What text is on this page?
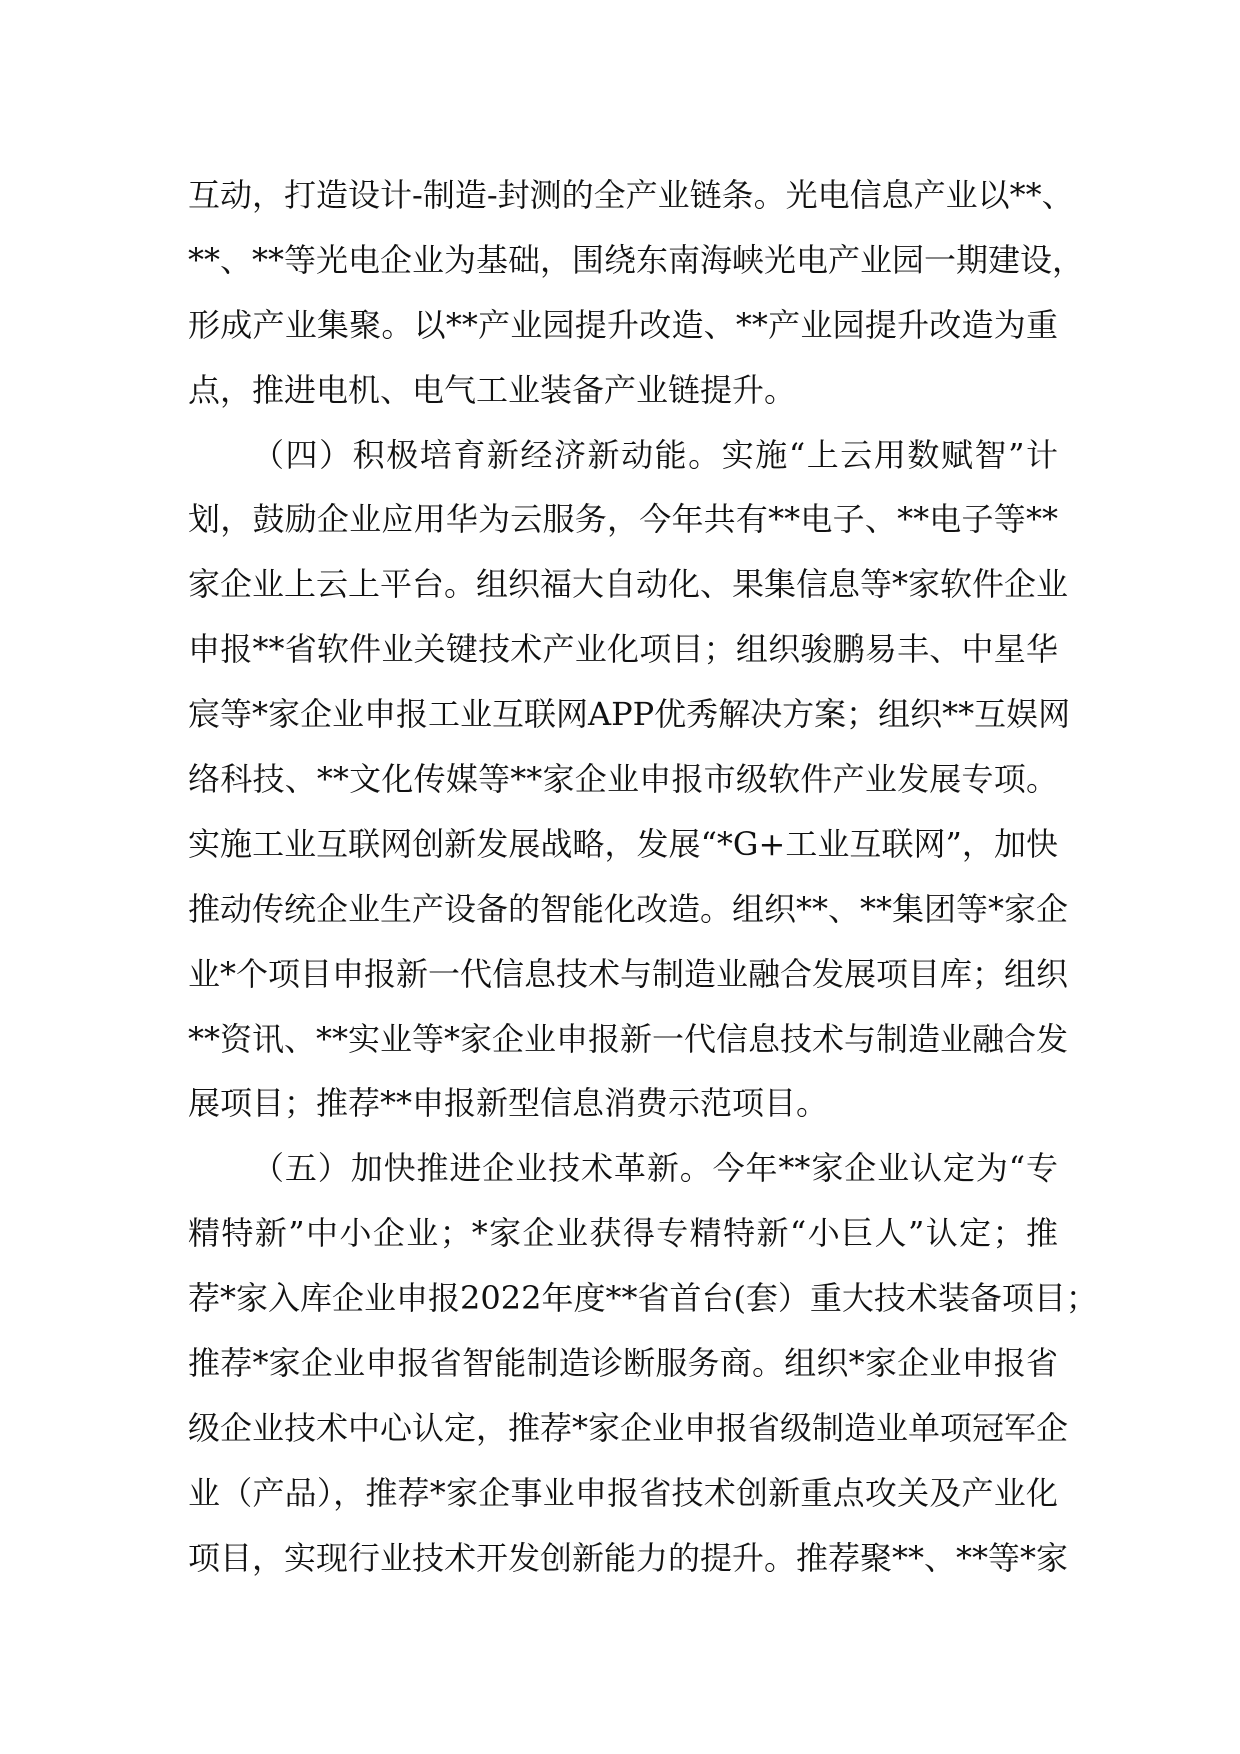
互动，打造设计-制造-封测的全产业链条。光电信息产业以**、
**、**等光电企业为基础，围绕东南海峡光电产业园一期建设，
形成产业集聚。以**产业园提升改造、**产业园提升改造为重
点，推进电机、电气工业装备产业链提升。
（四）积极培育新经济新动能。实施“上云用数赋智”计
划，鼓励企业应用华为云服务，今年共有**电子、**电子等**
家企业上云上平台。组织福大自动化、果集信息等*家软件企业
申报**省软件业关键技术产业化项目；组织骏鹏易丰、中星华
宸等*家企业申报工业互联网APP优秀解决方案；组织**互娱网
络科技、**文化传媒等**家企业申报市级软件产业发展专项。
实施工业互联网创新发展战略，发展“*G+工业互联网”，加快
推动传统企业生产设备的智能化改造。组织**、**集团等*家企
业*个项目申报新一代信息技术与制造业融合发展项目库；组织
**资讯、**实业等*家企业申报新一代信息技术与制造业融合发
展项目；推荐**申报新型信息消费示范项目。
（五）加快推进企业技术革新。今年**家企业认定为“专
精特新”中小企业；*家企业获得专精特新“小巨人”认定；推
荐*家入库企业申报2022年度**省首台(套）重大技术装备项目；
推荐*家企业申报省智能制造诊断服务商。组织*家企业申报省
级企业技术中心认定，推荐*家企业申报省级制造业单项冠军企
业（产品），推荐*家企事业申报省技术创新重点攻关及产业化
项目，实现行业技术开发创新能力的提升。推荐聚**、**等*家
